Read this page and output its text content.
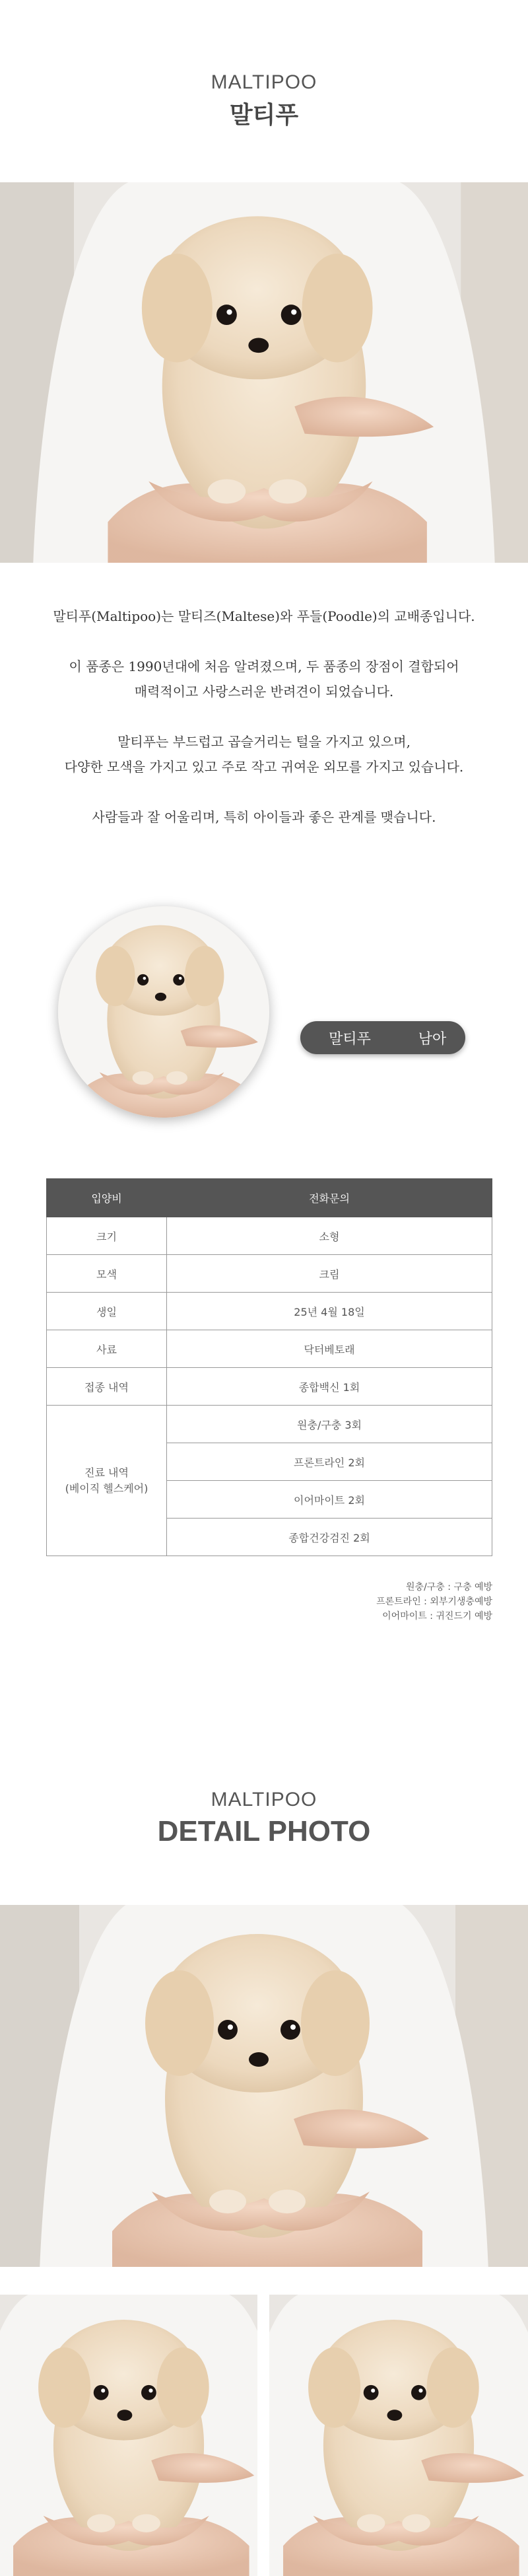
MALTIPOO
말티푸

말티푸(Maltipoo)는 말티즈(Maltese)와 푸들(Poodle)의 교배종입니다.

이 품종은 1990년대에 처음 알려졌으며, 두 품종의 장점이 결합되어
매력적이고 사랑스러운 반려견이 되었습니다.

말티푸는 부드럽고 곱슬거리는 털을 가지고 있으며,
다양한 모색을 가지고 있고 주로 작고 귀여운 외모를 가지고 있습니다.

사람들과 잘 어울리며, 특히 아이들과 좋은 관계를 맺습니다.

말티푸	남아
입양비	전화문의
크기	소형
모색	크림
생일	25년 4월 18일
사료	닥터베토래
접종 내역	종합백신 1회
진료 내역
(베이직 헬스케어)	원충/구충 3회
	프론트라인 2회
	이어마이트 2회
	종합건강검진 2회
원충/구충 : 구충 예방
프론트라인 : 외부기생충예방
이어마이트 : 귀진드기 예방
MALTIPOO
DETAIL PHOTO
